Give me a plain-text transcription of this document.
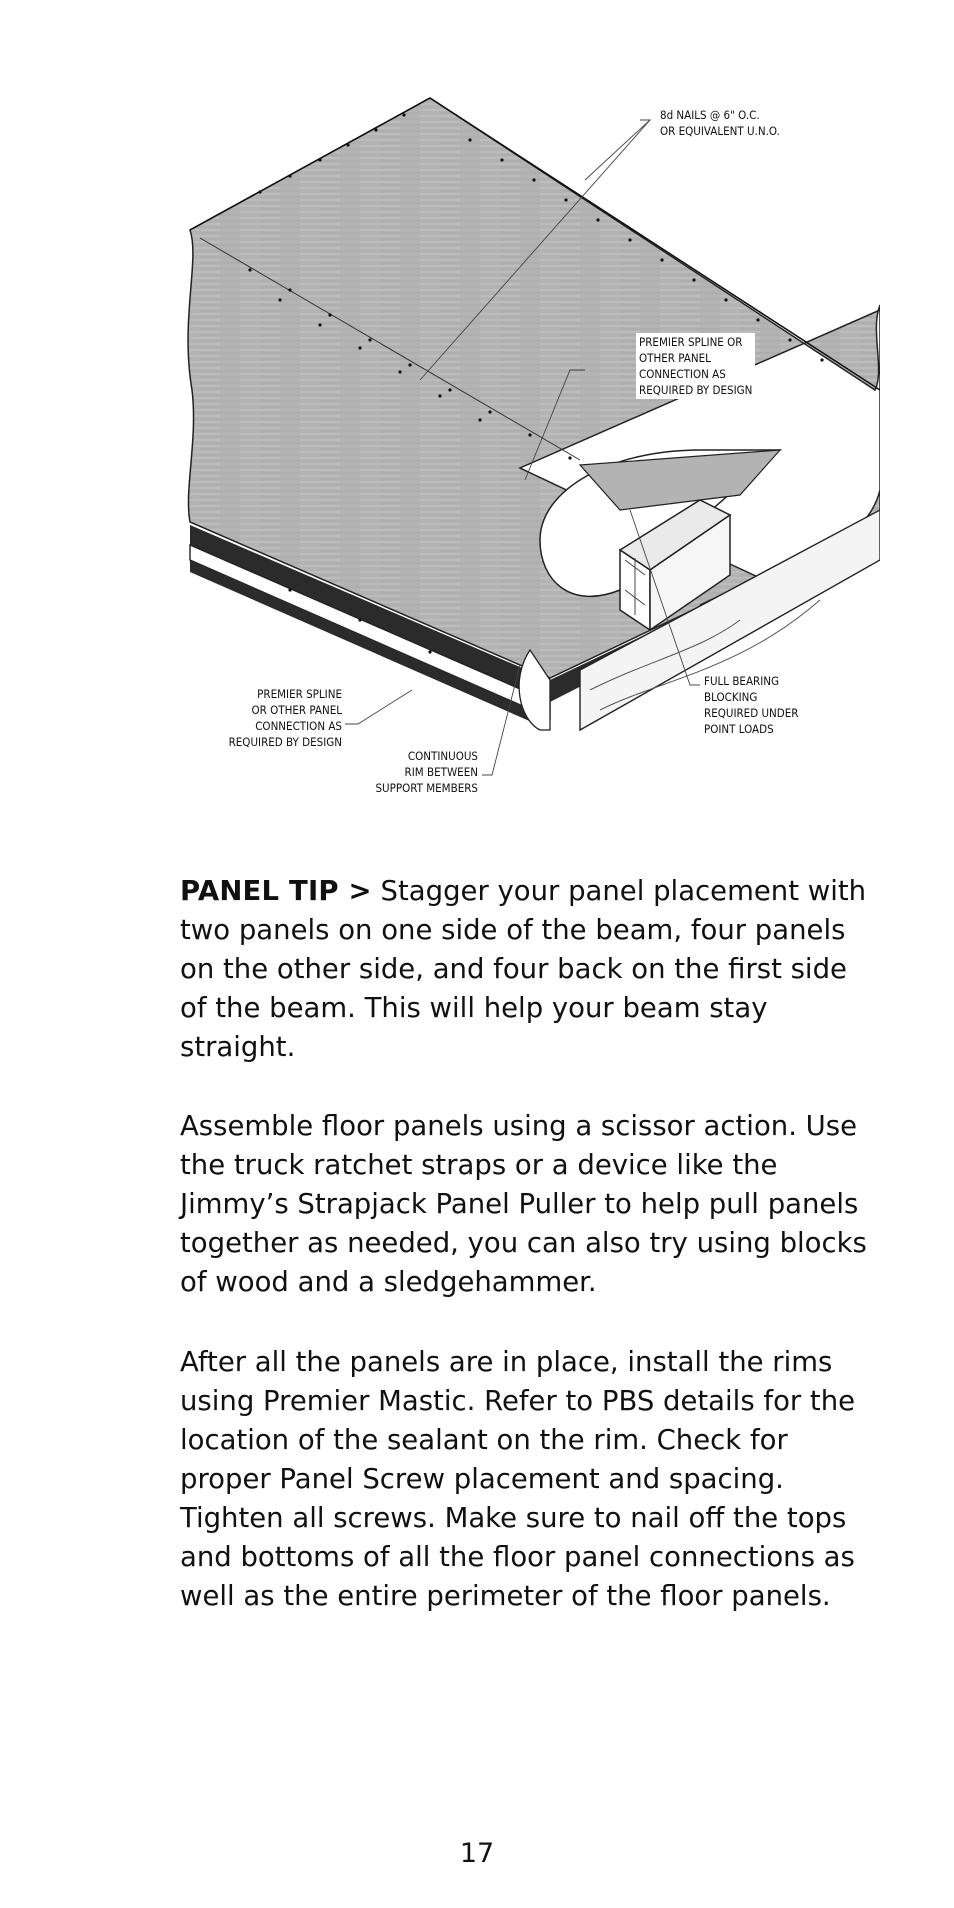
8d NAILS @ 6" O.C.
OR EQUIVALENT U.N.O.
PREMIER SPLINE OR
OTHER PANEL
CONNECTION AS
REQUIRED BY DESIGN
PREMIER SPLINE
OR OTHER PANEL
CONNECTION AS
REQUIRED BY DESIGN
CONTINUOUS
RIM BETWEEN
SUPPORT MEMBERS
FULL BEARING
BLOCKING
REQUIRED UNDER
POINT LOADS

PANEL TIP > Stagger your panel placement with two panels on one side of the beam, four panels on the other side, and four back on the first side of the beam. This will help your beam stay straight.

Assemble floor panels using a scissor action. Use the truck ratchet straps or a device like the Jimmy’s Strapjack Panel Puller to help pull panels together as needed, you can also try using blocks of wood and a sledgehammer.

After all the panels are in place, install the rims using Premier Mastic. Refer to PBS details for the location of the sealant on the rim. Check for proper Panel Screw placement and spacing. Tighten all screws. Make sure to nail off the tops and bottoms of all the floor panel connections as well as the entire perimeter of the floor panels.

17
